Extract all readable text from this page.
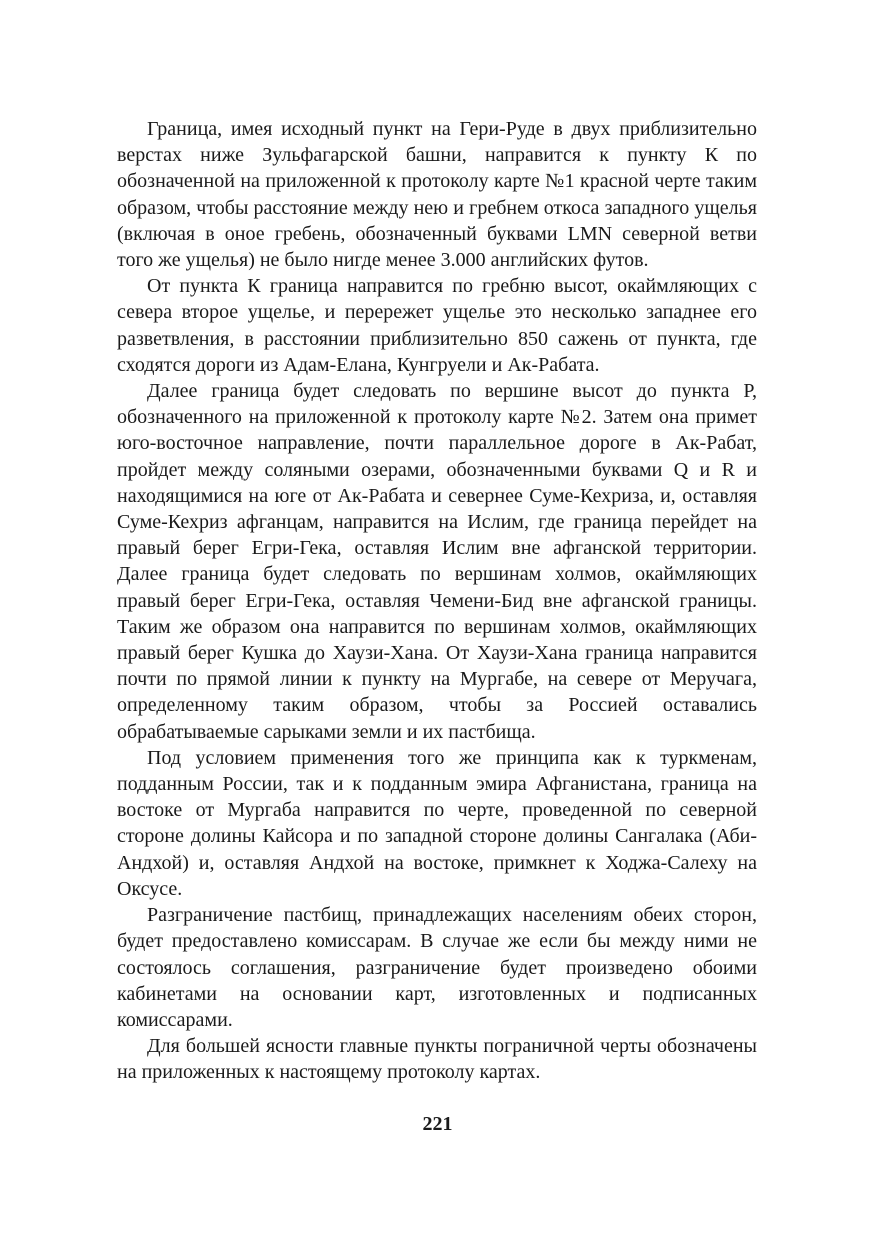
Граница, имея исходный пункт на Гери-Руде в двух приблизительно верстах ниже Зульфагарской башни, направится к пункту К по обозначенной на приложенной к протоколу карте №1 красной черте таким образом, чтобы расстояние между нею и гребнем откоса западного ущелья (включая в оное гребень, обозначенный буквами LMN северной ветви того же ущелья) не было нигде менее 3.000 английских футов.

От пункта К граница направится по гребню высот, окаймляющих с севера второе ущелье, и перережет ущелье это несколько западнее его разветвления, в расстоянии приблизительно 850 сажень от пункта, где сходятся дороги из Адам-Елана, Кунгруели и Ак-Рабата.

Далее граница будет следовать по вершине высот до пункта Р, обозначенного на приложенной к протоколу карте №2. Затем она примет юго-восточное направление, почти параллельное дороге в Ак-Рабат, пройдет между соляными озерами, обозначенными буквами Q и R и находящимися на юге от Ак-Рабата и севернее Суме-Кехриза, и, оставляя Суме-Кехриз афганцам, направится на Ислим, где граница перейдет на правый берег Егри-Гека, оставляя Ислим вне афганской территории. Далее граница будет следовать по вершинам холмов, окаймляющих правый берег Егри-Гека, оставляя Чемени-Бид вне афганской границы. Таким же образом она направится по вершинам холмов, окаймляющих правый берег Кушка до Хаузи-Хана. От Хаузи-Хана граница направится почти по прямой линии к пункту на Мургабе, на севере от Меручага, определенному таким образом, чтобы за Россией оставались обрабатываемые сарыками земли и их пастбища.

Под условием применения того же принципа как к туркменам, подданным России, так и к подданным эмира Афганистана, граница на востоке от Мургаба направится по черте, проведенной по северной стороне долины Кайсора и по западной стороне долины Сангалака (Аби-Андхой) и, оставляя Андхой на востоке, примкнет к Ходжа-Салеху на Оксусе.

Разграничение пастбищ, принадлежащих населениям обеих сторон, будет предоставлено комиссарам. В случае же если бы между ними не состоялось соглашения, разграничение будет произведено обоими кабинетами на основании карт, изготовленных и подписанных комиссарами.

Для большей ясности главные пункты пограничной черты обозначены на приложенных к настоящему протоколу картах.

221
